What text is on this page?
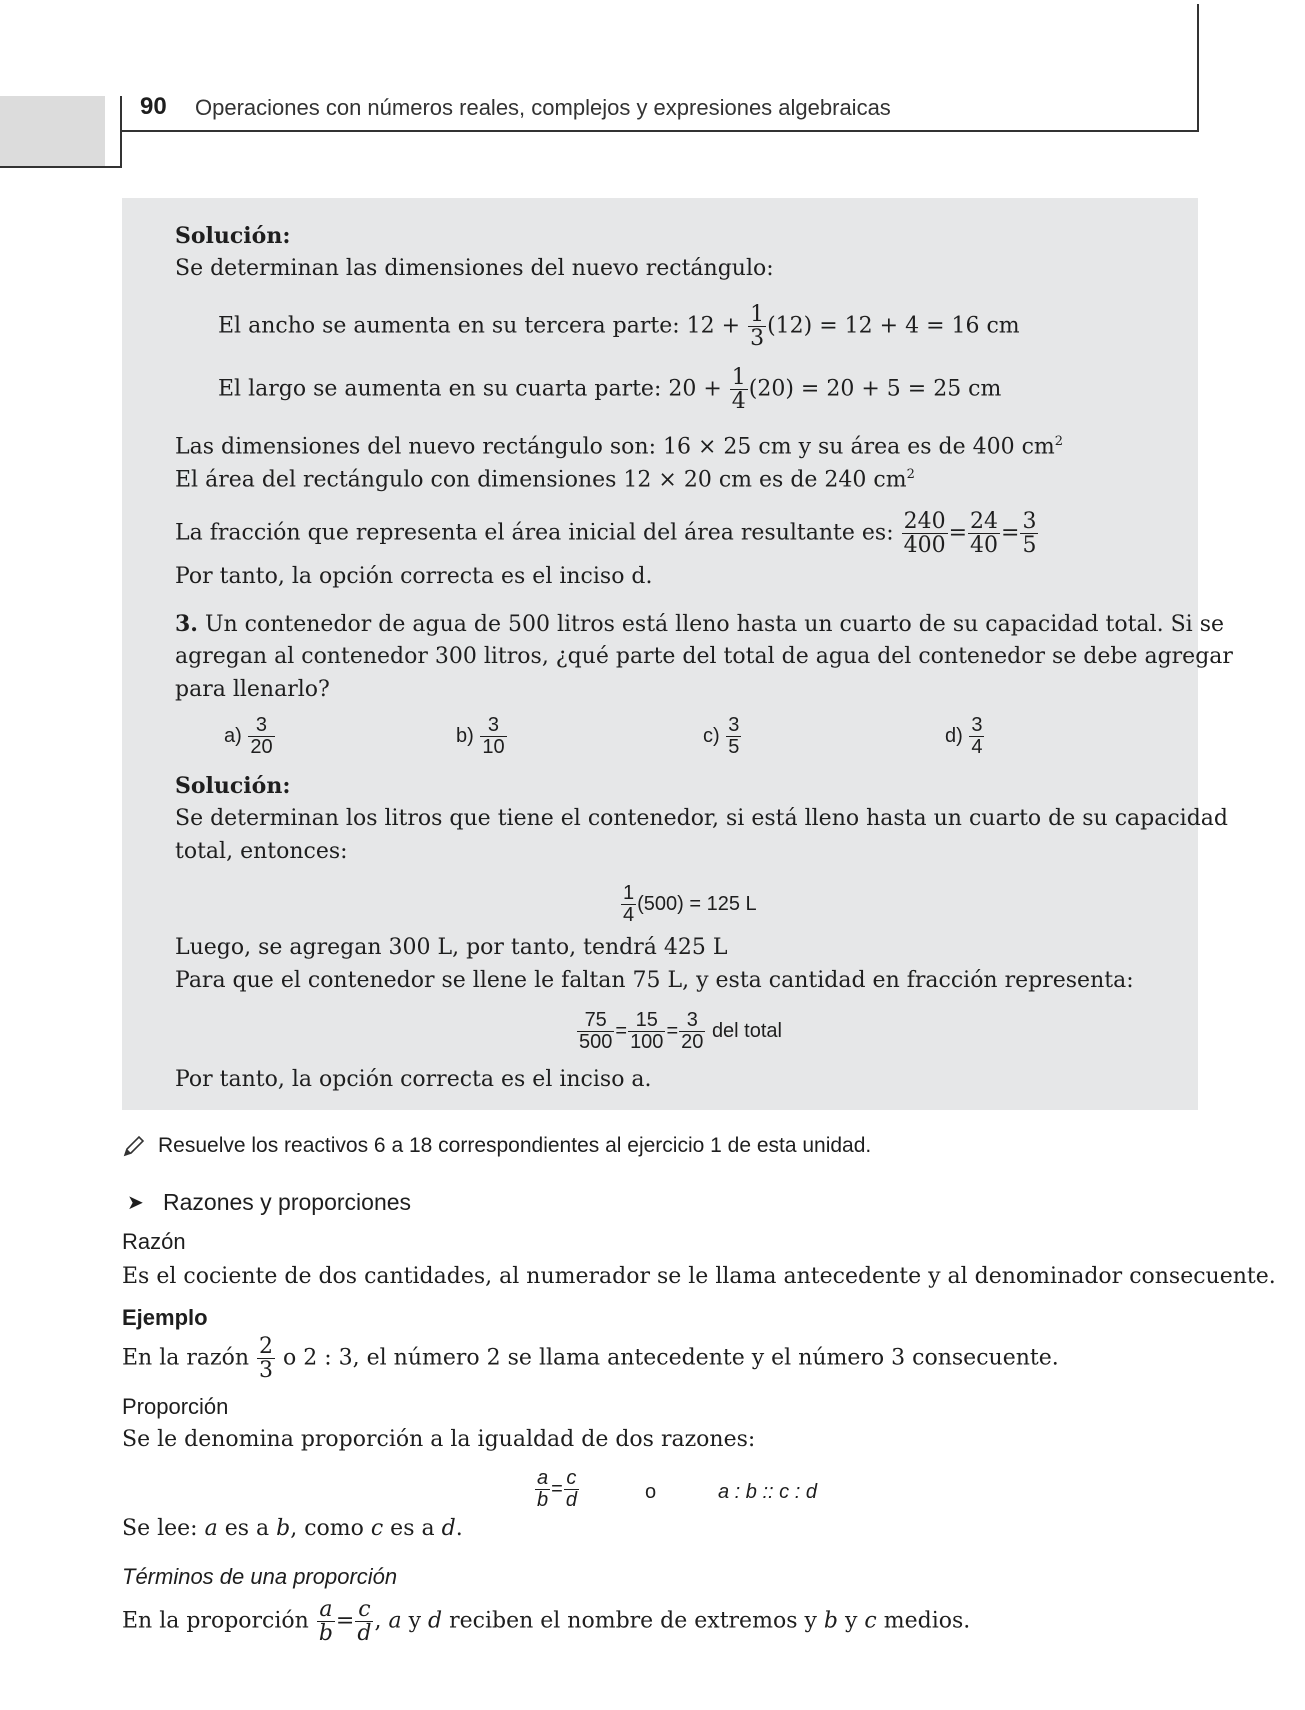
90 Operaciones con números reales, complejos y expresiones algebraicas
Solución:
Se determinan las dimensiones del nuevo rectángulo:
El ancho se aumenta en su tercera parte: $12 + \frac{1}{3} (12) = 12 + 4 = 16$ cm
El largo se aumenta en su cuarta parte: $20 + \frac{1}{4} (20) = 20 + 5 = 25$ cm
Las dimensiones del nuevo rectángulo son: 16 × 25 cm y su área es de 400 $cm^2$
El área del rectángulo con dimensiones 12 × 20 cm es de 240 $cm^2$
La fracción que representa el área inicial del área resultante es: $\frac{240}{400} = \frac{24}{40} = \frac{3}{5}$
Por tanto, la opción correcta es el inciso d.
3. Un contenedor de agua de 500 litros está lleno hasta un cuarto de su capacidad total. Si se
agregan al contenedor 300 litros, ¿qué parte del total de agua del contenedor se debe agregar
para llenarlo?
$a) \frac{3}{20}$	$b) \frac{3}{10}$	$c) \frac{3}{5}$	$d) \frac{3}{4}$
Solución:
Se determinan los litros que tiene el contenedor, si está lleno hasta un cuarto de su capacidad
total, entonces:
$\frac{1}{4} (500) = 125$ L
Luego, se agregan 300 L, por tanto, tendrá 425 L
Para que el contenedor se llene le faltan 75 L, y esta cantidad en fracción representa:
$\frac{75}{500} = \frac{15}{100} = \frac{3}{20}$ del total
Por tanto, la opción correcta es el inciso a.
Resuelve los reactivos 6 a 18 correspondientes al ejercicio 1 de esta unidad.
➤ Razones y proporciones
Razón
Es el cociente de dos cantidades, al numerador se le llama antecedente y al denominador consecuente.
Ejemplo
En la razón $\frac{2}{3}$ o 2 : 3, el número 2 se llama antecedente y el número 3 consecuente.
Proporción
Se le denomina proporción a la igualdad de dos razones:
$\frac{a}{b} = \frac{c}{d}$	o	a : b :: c : d
Se lee: a es a b, como c es a d.
Términos de una proporción
En la proporción $\frac{a}{b} = \frac{c}{d}$ , a y d reciben el nombre de extremos y b y c medios.
